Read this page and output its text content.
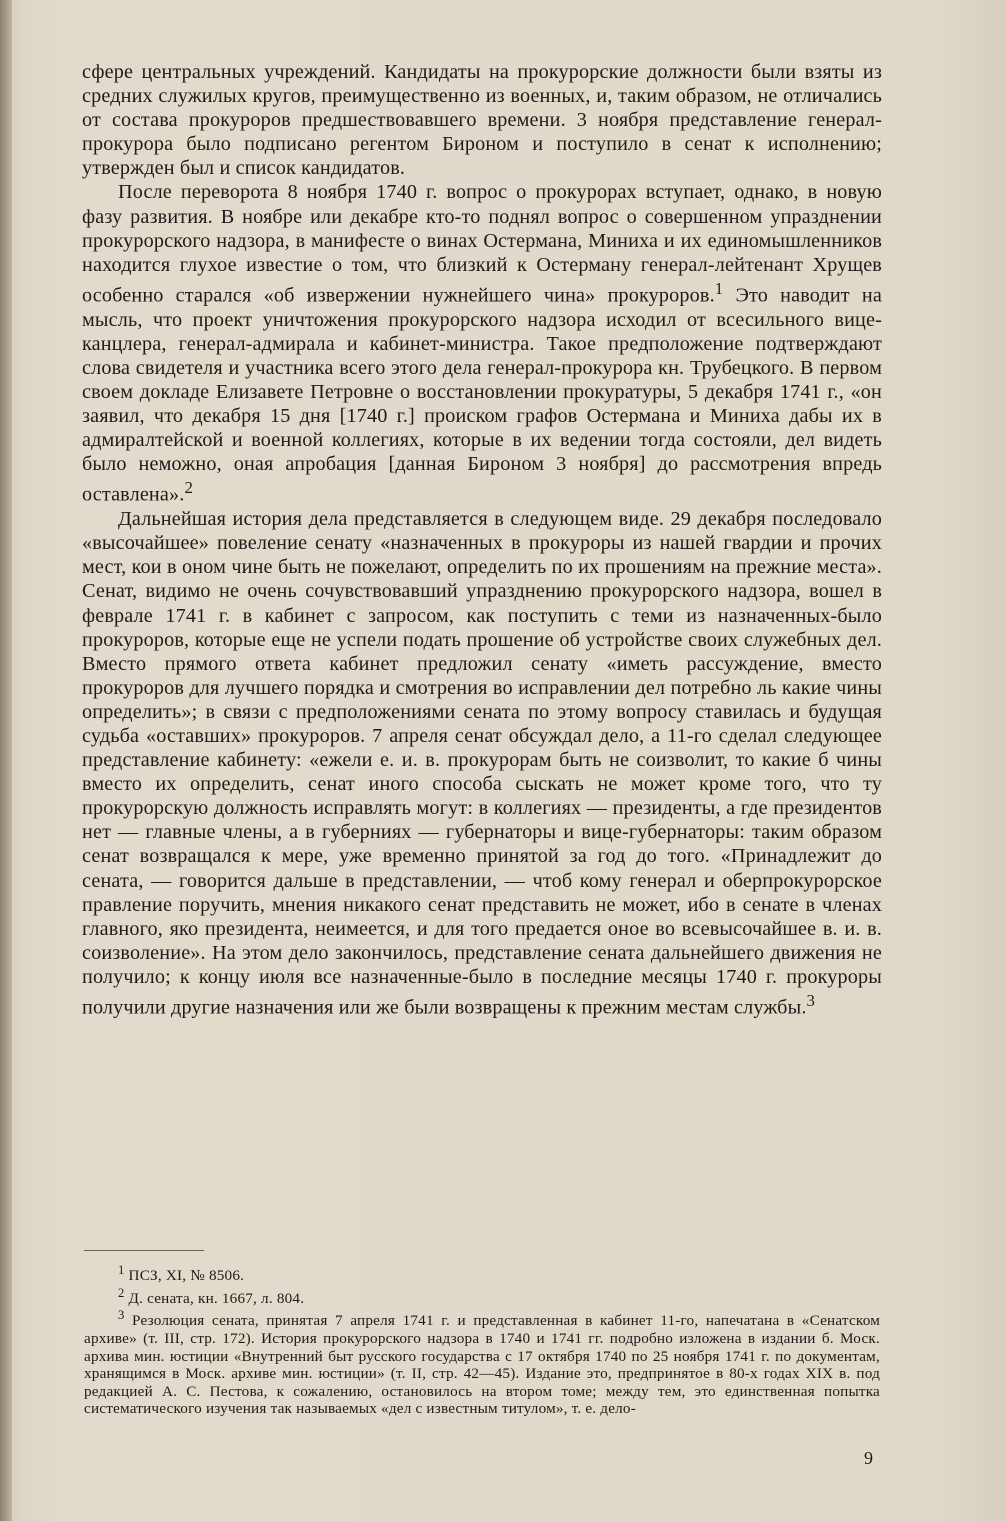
сфере центральных учреждений. Кандидаты на прокурорские должности были взяты из средних служилых кругов, преимущественно из военных, и, таким образом, не отличались от состава прокуроров предшествовавшего времени. 3 ноября представление генерал-прокурора было подписано регентом Бироном и поступило в сенат к исполнению; утвержден был и список кандидатов.

После переворота 8 ноября 1740 г. вопрос о прокурорах вступает, однако, в новую фазу развития. В ноябре или декабре кто-то поднял вопрос о совершенном упразднении прокурорского надзора, в манифесте о винах Остермана, Миниха и их единомышленников находится глухое известие о том, что близкий к Остерману генерал-лейтенант Хрущев особенно старался «об извержении нужнейшего чина» прокуроров.$^1$ Это наводит на мысль, что проект уничтожения прокурорского надзора исходил от всесильного вице-канцлера, генерал-адмирала и кабинет-министра. Такое предположение подтверждают слова свидетеля и участника всего этого дела генерал-прокурора кн. Трубецкого. В первом своем докладе Елизавете Петровне о восстановлении прокуратуры, 5 декабря 1741 г., «он заявил, что декабря 15 дня [1740 г.] происком графов Остермана и Миниха дабы их в адмиралтейской и военной коллегиях, которые в их ведении тогда состояли, дел видеть было неможно, оная апробация [данная Бироном 3 ноября] до рассмотрения впредь оставлена».$^2$

Дальнейшая история дела представляется в следующем виде. 29 декабря последовало «высочайшее» повеление сенату «назначенных в прокуроры из нашей гвардии и прочих мест, кои в оном чине быть не пожелают, определить по их прошениям на прежние места». Сенат, видимо не очень сочувствовавший упразднению прокурорского надзора, вошел в феврале 1741 г. в кабинет с запросом, как поступить с теми из назначенных-было прокуроров, которые еще не успели подать прошение об устройстве своих служебных дел. Вместо прямого ответа кабинет предложил сенату «иметь рассуждение, вместо прокуроров для лучшего порядка и смотрения во исправлении дел потребно ль какие чины определить»; в связи с предположениями сената по этому вопросу ставилась и будущая судьба «оставших» прокуроров. 7 апреля сенат обсуждал дело, а 11-го сделал следующее представление кабинету: «ежели е. и. в. прокурорам быть не соизволит, то какие б чины вместо их определить, сенат иного способа сыскать не может кроме того, что ту прокурорскую должность исправлять могут: в коллегиях — президенты, а где президентов нет — главные члены, а в губерниях — губернаторы и вице-губернаторы: таким образом сенат возвращался к мере, уже временно принятой за год до того. «Принадлежит до сената, — говорится дальше в представлении, — чтоб кому генерал и оберпрокурорское правление поручить, мнения никакого сенат представить не может, ибо в сенате в членах главного, яко президента, неимеется, и для того предается оное во всевысочайшее в. и. в. соизволение». На этом дело закончилось, представление сената дальнейшего движения не получило; к концу июля все назначенные-было в последние месяцы 1740 г. прокуроры получили другие назначения или же были возвращены к прежним местам службы.$^3$

$^1$ ПСЗ, XI, № 8506.

$^2$ Д. сената, кн. 1667, л. 804.

$^3$ Резолюция сената, принятая 7 апреля 1741 г. и представленная в кабинет 11-го, напечатана в «Сенатском архиве» (т. III, стр. 172). История прокурорского надзора в 1740 и 1741 гг. подробно изложена в издании б. Моск. архива мин. юстиции «Внутренний быт русского государства с 17 октября 1740 по 25 ноября 1741 г. по документам, хранящимся в Моск. архиве мин. юстиции» (т. II, стр. 42—45). Издание это, предпринятое в 80-х годах XIX в. под редакцией А. С. Пестова, к сожалению, остановилось на втором томе; между тем, это единственная попытка систематического изучения так называемых «дел с известным титулом», т. е. дело-

9
